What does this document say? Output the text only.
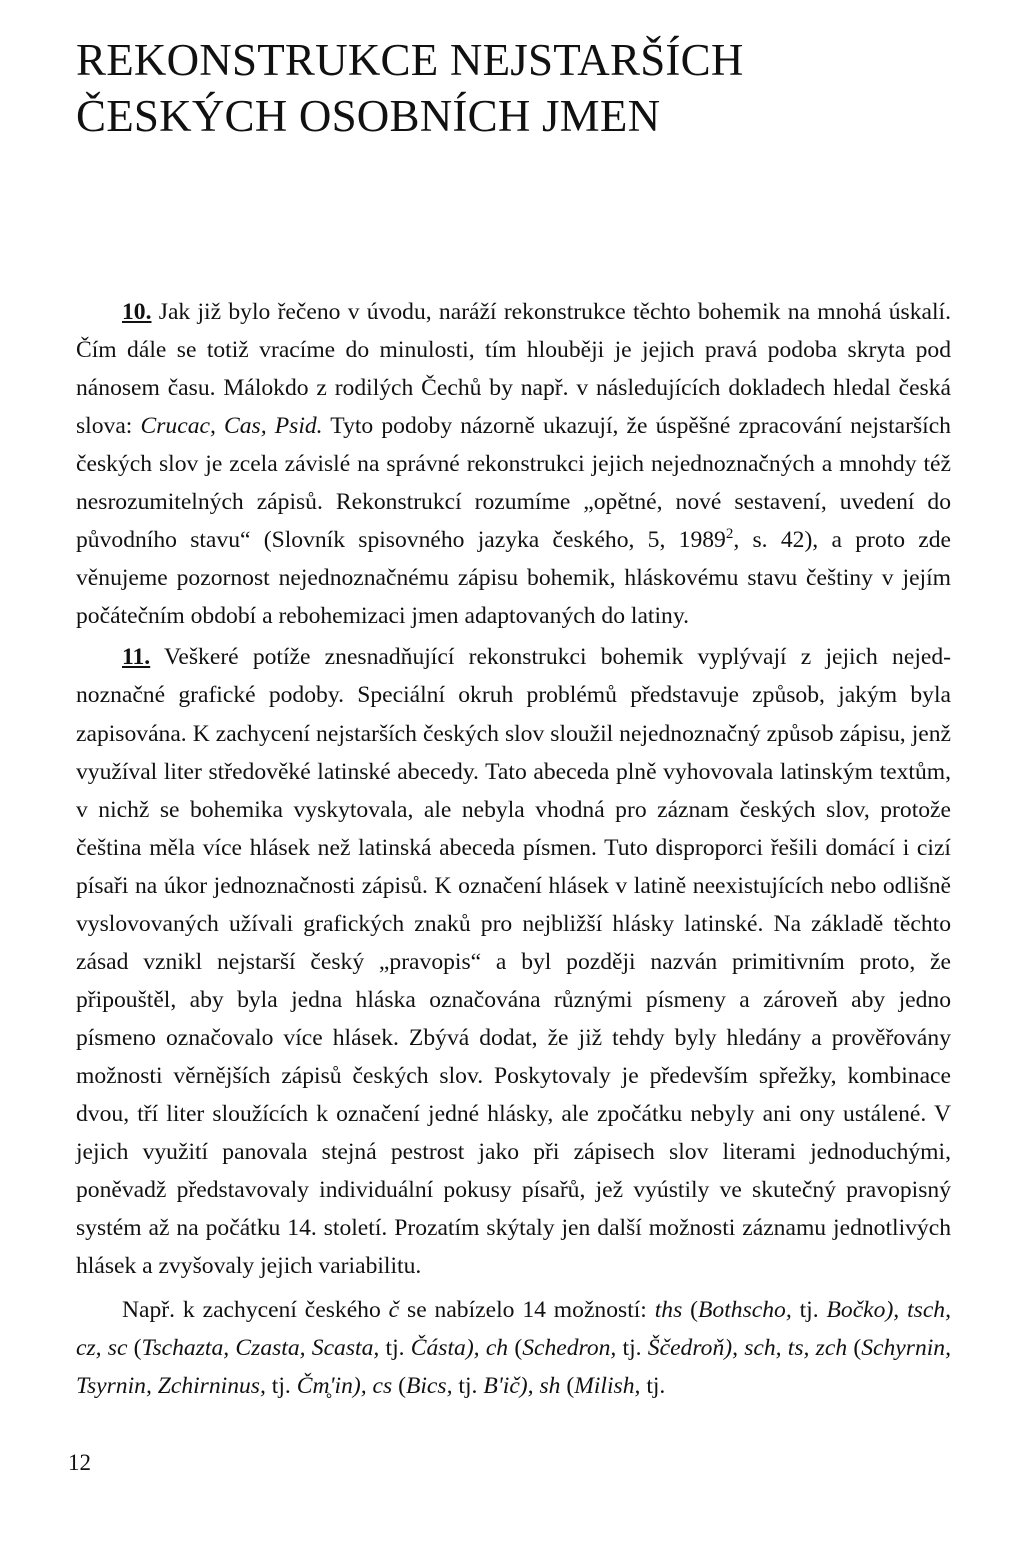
REKONSTRUKCE NEJSTARŠÍCH
ČESKÝCH OSOBNÍCH JMEN

10. Jak již bylo řečeno v úvodu, naráží rekonstrukce těchto bohemik na mnohá úskalí. Čím dále se totiž vracíme do minulosti, tím hlouběji je jejich pravá podoba skryta pod nánosem času. Málokdo z rodilých Čechů by např. v následujících dokladech hledal česká slova: Crucac, Cas, Psid. Tyto podoby názorně ukazují, že úspěšné zpracování nejstarších českých slov je zcela závislé na správné rekonstrukci jejich nejednoznačných a mnohdy též nesrozumitelných zápisů. Rekonstrukcí rozumíme „opětné, nové sestavení, uvedení do původního stavu“ (Slovník spisovného jazyka českého, 5, 1989$^2$, s. 42), a proto zde věnujeme pozornost nejednoznačnému zápisu bohemik, hláskovému stavu češtiny v jejím počátečním období a rebohemizaci jmen adaptovaných do latiny.

11. Veškeré potíže znesnadňující rekonstrukci bohemik vyplývají z jejich nejednoznačné grafické podoby. Speciální okruh problémů představuje způsob, jakým byla zapisována. K zachycení nejstarších českých slov sloužil nejednoznačný způsob zápisu, jenž využíval liter středověké latinské abecedy. Tato abeceda plně vyhovovala latinským textům, v nichž se bohemika vyskytovala, ale nebyla vhodná pro záznam českých slov, protože čeština měla více hlásek než latinská abeceda písmen. Tuto disproporci řešili domácí i cizí písaři na úkor jednoznačnosti zápisů. K označení hlásek v latině neexistujících nebo odlišně vyslovovaných užívali grafických znaků pro nejbližší hlásky latinské. Na základě těchto zásad vznikl nejstarší český „pravopis“ a byl později nazván primitivním proto, že připouštěl, aby byla jedna hláska označována různými písmeny a zároveň aby jedno písmeno označovalo více hlásek. Zbývá dodat, že již tehdy byly hledány a prověřovány možnosti věrnějších zápisů českých slov. Poskytovaly je především spřežky, kombinace dvou, tří liter sloužících k označení jedné hlásky, ale zpočátku nebyly ani ony ustálené. V jejich využití panovala stejná pestrost jako při zápisech slov literami jednoduchými, poněvadž představovaly individuální pokusy písařů, jež vyústily ve skutečný pravopisný systém až na počátku 14. století. Prozatím skýtaly jen další možnosti záznamu jednotlivých hlásek a zvyšovaly jejich variabilitu.

Např. k zachycení českého č se nabízelo 14 možností: ths (Bothscho, tj. Bočko), tsch, cz, sc (Tschazta, Czasta, Scasta, tj. Částa), ch (Schedron, tj. Ščedroň), sch, ts, zch (Schyrnin, Tsyrnin, Zchirninus, tj. Čm̥'in), cs (Bics, tj. B'ič), sh (Milish, tj.

12
